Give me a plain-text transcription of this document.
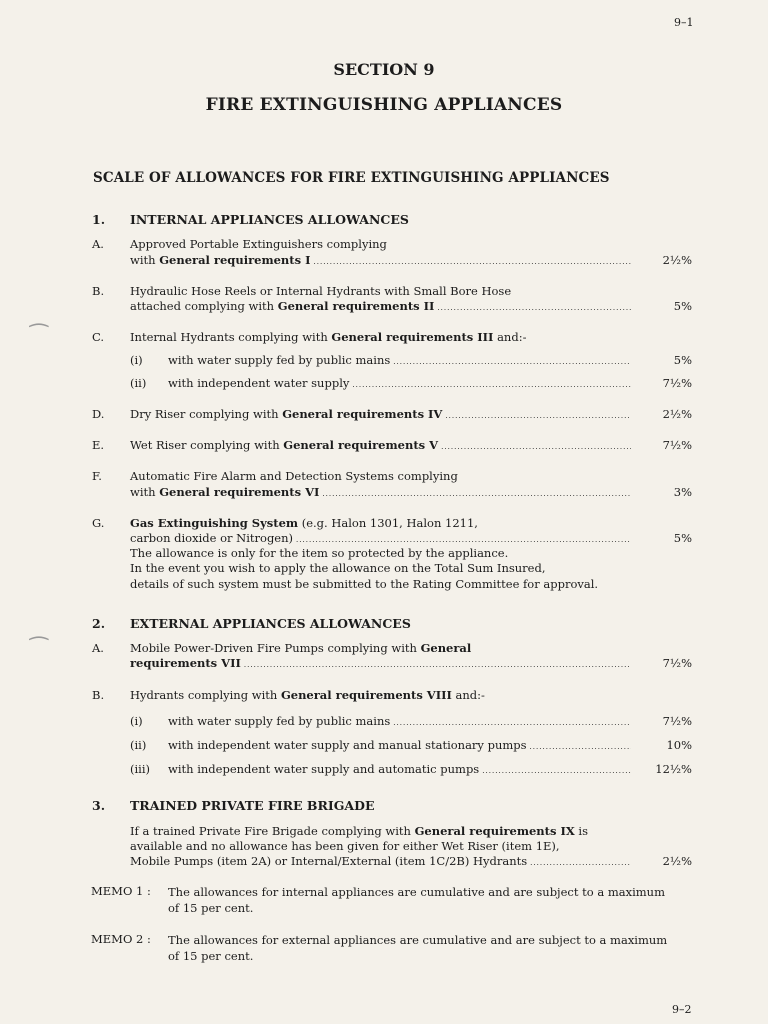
9–1
SECTION 9
FIRE EXTINGUISHING APPLIANCES
SCALE OF ALLOWANCES FOR FIRE EXTINGUISHING APPLIANCES
⁀
⁀
1. INTERNAL APPLIANCES ALLOWANCES
A. Approved Portable Extinguishers complying
with General requirements I . . .	2½%
B. Hydraulic Hose Reels or Internal Hydrants with Small Bore Hose
attached complying with General requirements II . . .	5%
C. Internal Hydrants complying with General requirements III and:-
(i) with water supply fed by public mains . . .	5%
(ii) with independent water supply . . .	7½%
D. Dry Riser complying with General requirements IV . . .	2½%
E. Wet Riser complying with General requirements V . . .	7½%
F. Automatic Fire Alarm and Detection Systems complying
with General requirements VI . . .	3%
G. Gas Extinguishing System (e.g. Halon 1301, Halon 1211,
carbon dioxide or Nitrogen) . . .	5%
The allowance is only for the item so protected by the appliance.
In the event you wish to apply the allowance on the Total Sum Insured,
details of such system must be submitted to the Rating Committee for approval.
2. EXTERNAL APPLIANCES ALLOWANCES
A. Mobile Power-Driven Fire Pumps complying with General
requirements VII . . .	7½%
B. Hydrants complying with General requirements VIII and:-
(i) with water supply fed by public mains . . .	7½%
(ii) with independent water supply and manual stationary pumps . . .	10%
(iii) with independent water supply and automatic pumps . . .	12½%
3. TRAINED PRIVATE FIRE BRIGADE
If a trained Private Fire Brigade complying with General requirements IX is
available and no allowance has been given for either Wet Riser (item 1E),
Mobile Pumps (item 2A) or Internal/External (item 1C/2B) Hydrants . . .	2½%
MEMO 1 : The allowances for internal appliances are cumulative and are subject to a maximum
of 15 per cent.
MEMO 2 : The allowances for external appliances are cumulative and are subject to a maximum
of 15 per cent.
9–2
